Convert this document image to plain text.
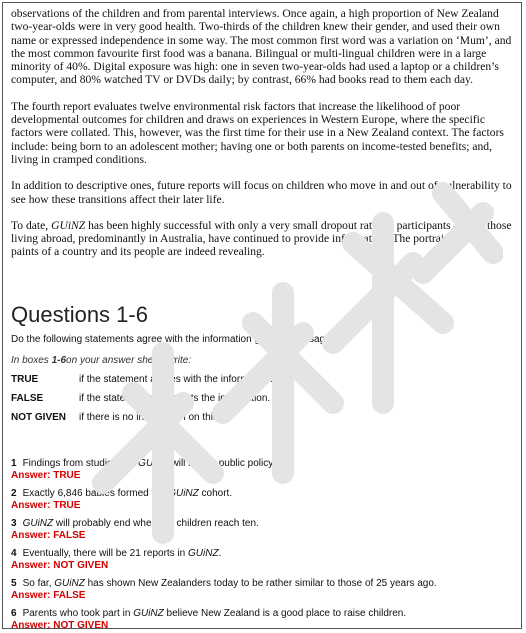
observations of the children and from parental interviews. Once again, a high proportion of New Zealand two-year-olds were in very good health. Two-thirds of the children knew their gender, and used their own name or expressed independence in some way. The most common first word was a variation on ‘Mum’, and the most common favourite first food was a banana. Bilingual or multi-lingual children were in a large minority of 40%. Digital exposure was high: one in seven two-year-olds had used a laptop or a children’s computer, and 80% watched TV or DVDs daily; by contrast, 66% had books read to them each day.

The fourth report evaluates twelve environmental risk factors that increase the likelihood of poor developmental outcomes for children and draws on experiences in Western Europe, where the specific factors were collated. This, however, was the first time for their use in a New Zealand context. The factors include: being born to an adolescent mother; having one or both parents on income-tested benefits; and, living in cramped conditions.

In addition to descriptive ones, future reports will focus on children who move in and out of vulnerability to see how these transitions affect their later life.

To date, GUiNZ has been highly successful with only a very small dropout rate for participants – even those living abroad, predominantly in Australia, have continued to provide information. The portrait GUiNZ paints of a country and its people are indeed revealing.

Questions 1-6
Do the following statements agree with the information given in Passage?
In boxes 1-6on your answer sheet, write:
TRUE	if the statement agrees with the information.
FALSE	if the statement contradicts the information.
NOT GIVEN	if there is no information on this.
1 Findings from studies like GUiNZ will inform public policy.
Answer: TRUE
2 Exactly 6,846 babies formed the GUiNZ cohort.
Answer: TRUE
3 GUiNZ will probably end when the children reach ten.
Answer: FALSE
4 Eventually, there will be 21 reports in GUiNZ.
Answer: NOT GIVEN
5 So far, GUiNZ has shown New Zealanders today to be rather similar to those of 25 years ago.
Answer: FALSE
6 Parents who took part in GUiNZ believe New Zealand is a good place to raise children.
Answer: NOT GIVEN
